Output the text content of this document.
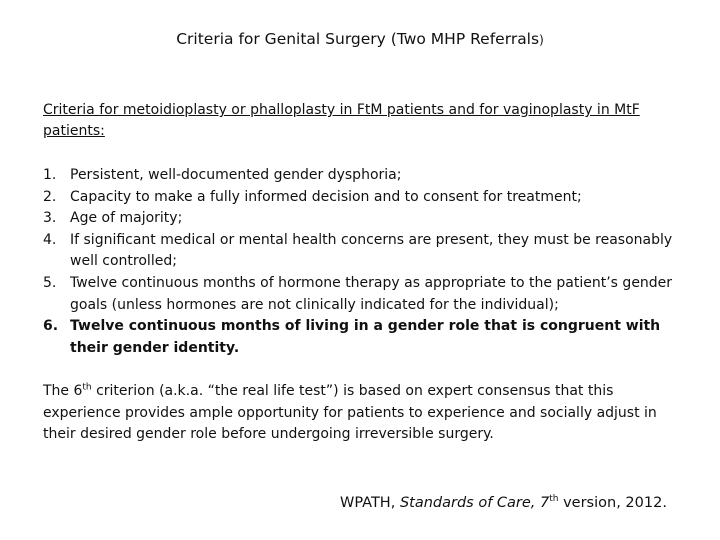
Criteria for Genital Surgery (Two MHP Referrals)
Criteria for metoidioplasty or phalloplasty in FtM patients and for vaginoplasty in MtF patients:
1. Persistent, well-documented gender dysphoria;
2. Capacity to make a fully informed decision and to consent for treatment;
3. Age of majority;
4. If significant medical or mental health concerns are present, they must be reasonably well controlled;
5. Twelve continuous months of hormone therapy as appropriate to the patient’s gender goals (unless hormones are not clinically indicated for the individual);
6. Twelve continuous months of living in a gender role that is congruent with their gender identity.
The 6th criterion (a.k.a. “the real life test”) is based on expert consensus that this experience provides ample opportunity for patients to experience and socially adjust in their desired gender role before undergoing irreversible surgery.
WPATH, Standards of Care, 7th version, 2012.
